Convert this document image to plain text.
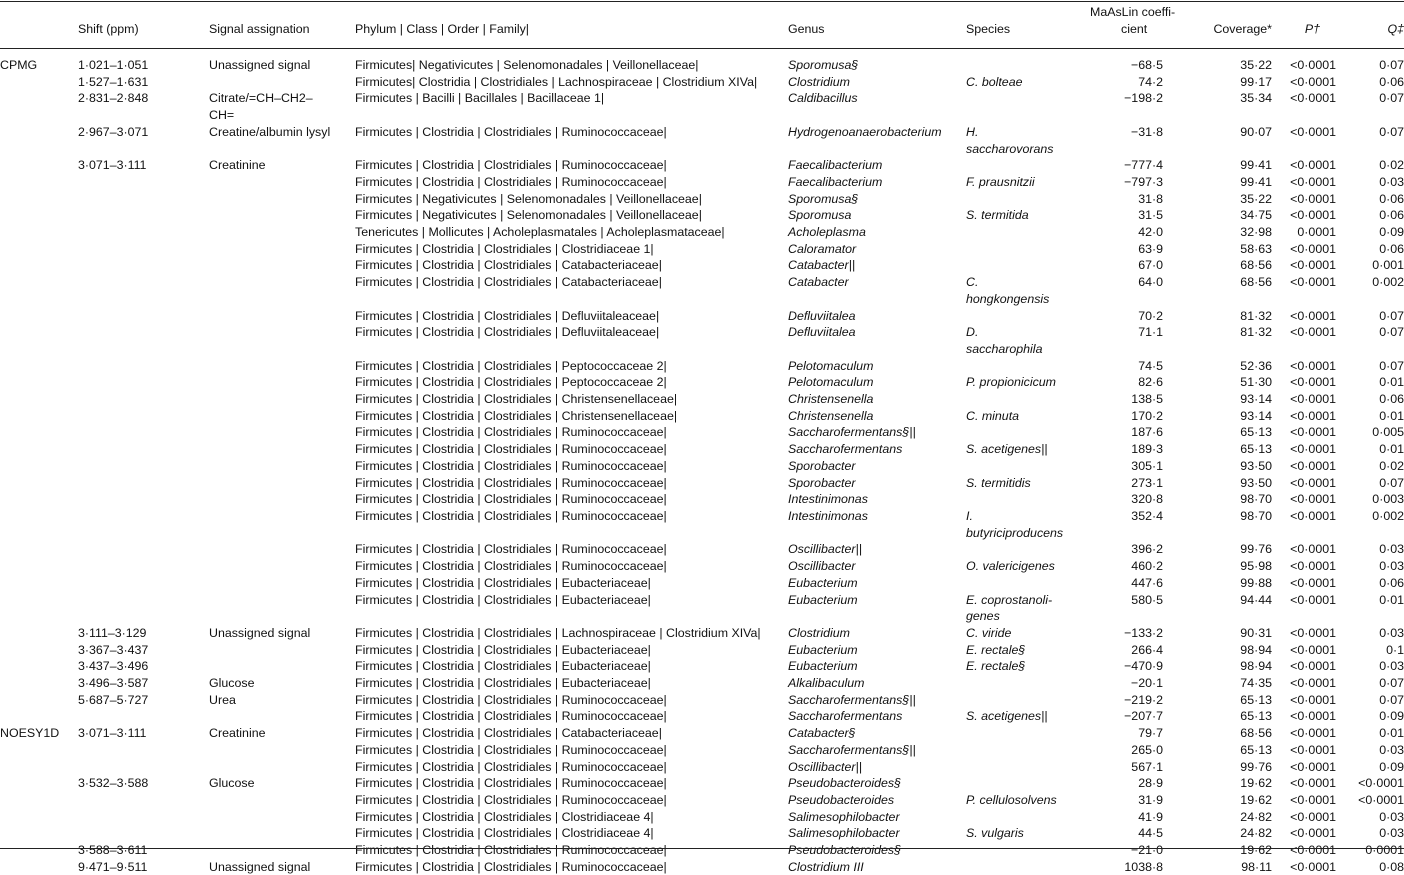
						MaAsLin coeffi-			
	Shift (ppm)	Signal assignation	Phylum | Class | Order | Family|	Genus	Species	cient	Coverage*	P†	Q‡
CPMG	1·021–1·051	Unassigned signal	Firmicutes| Negativicutes | Selenomonadales | Veillonellaceae|	Sporomusa§		−68·5	35·22	<0·0001	0·07
	1·527–1·631		Firmicutes| Clostridia | Clostridiales | Lachnospiraceae | Clostridium XIVa|	Clostridium	C. bolteae	74·2	99·17	<0·0001	0·06
	2·831–2·848	Citrate/=CH–CH2–CH=	Firmicutes | Bacilli | Bacillales | Bacillaceae 1|	Caldibacillus		−198·2	35·34	<0·0001	0·07
	2·967–3·071	Creatine/albumin lysyl	Firmicutes | Clostridia | Clostridiales | Ruminococcaceae|	Hydrogenoanaerobacterium	H. saccharovorans	−31·8	90·07	<0·0001	0·07
	3·071–3·111	Creatinine	Firmicutes | Clostridia | Clostridiales | Ruminococcaceae|	Faecalibacterium		−777·4	99·41	<0·0001	0·02
			Firmicutes | Clostridia | Clostridiales | Ruminococcaceae|	Faecalibacterium	F. prausnitzii	−797·3	99·41	<0·0001	0·03
			Firmicutes | Negativicutes | Selenomonadales | Veillonellaceae|	Sporomusa§		31·8	35·22	<0·0001	0·06
			Firmicutes | Negativicutes | Selenomonadales | Veillonellaceae|	Sporomusa	S. termitida	31·5	34·75	<0·0001	0·06
			Tenericutes | Mollicutes | Acholeplasmatales | Acholeplasmataceae|	Acholeplasma		42·0	32·98	0·0001	0·09
			Firmicutes | Clostridia | Clostridiales | Clostridiaceae 1|	Caloramator		63·9	58·63	<0·0001	0·06
			Firmicutes | Clostridia | Clostridiales | Catabacteriaceae|	Catabacter||		67·0	68·56	<0·0001	0·001
			Firmicutes | Clostridia | Clostridiales | Catabacteriaceae|	Catabacter	C. hongkongensis	64·0	68·56	<0·0001	0·002
			Firmicutes | Clostridia | Clostridiales | Defluviitaleaceae|	Defluviitalea		70·2	81·32	<0·0001	0·07
			Firmicutes | Clostridia | Clostridiales | Defluviitaleaceae|	Defluviitalea	D. saccharophila	71·1	81·32	<0·0001	0·07
			Firmicutes | Clostridia | Clostridiales | Peptococcaceae 2|	Pelotomaculum		74·5	52·36	<0·0001	0·07
			Firmicutes | Clostridia | Clostridiales | Peptococcaceae 2|	Pelotomaculum	P. propionicicum	82·6	51·30	<0·0001	0·01
			Firmicutes | Clostridia | Clostridiales | Christensenellaceae|	Christensenella		138·5	93·14	<0·0001	0·06
			Firmicutes | Clostridia | Clostridiales | Christensenellaceae|	Christensenella	C. minuta	170·2	93·14	<0·0001	0·01
			Firmicutes | Clostridia | Clostridiales | Ruminococcaceae|	Saccharofermentans§||		187·6	65·13	<0·0001	0·005
			Firmicutes | Clostridia | Clostridiales | Ruminococcaceae|	Saccharofermentans	S. acetigenes||	189·3	65·13	<0·0001	0·01
			Firmicutes | Clostridia | Clostridiales | Ruminococcaceae|	Sporobacter		305·1	93·50	<0·0001	0·02
			Firmicutes | Clostridia | Clostridiales | Ruminococcaceae|	Sporobacter	S. termitidis	273·1	93·50	<0·0001	0·07
			Firmicutes | Clostridia | Clostridiales | Ruminococcaceae|	Intestinimonas		320·8	98·70	<0·0001	0·003
			Firmicutes | Clostridia | Clostridiales | Ruminococcaceae|	Intestinimonas	I. butyriciproducens	352·4	98·70	<0·0001	0·002
			Firmicutes | Clostridia | Clostridiales | Ruminococcaceae|	Oscillibacter||		396·2	99·76	<0·0001	0·03
			Firmicutes | Clostridia | Clostridiales | Ruminococcaceae|	Oscillibacter	O. valericigenes	460·2	95·98	<0·0001	0·03
			Firmicutes | Clostridia | Clostridiales | Eubacteriaceae|	Eubacterium		447·6	99·88	<0·0001	0·06
			Firmicutes | Clostridia | Clostridiales | Eubacteriaceae|	Eubacterium	E. coprostanoli-genes	580·5	94·44	<0·0001	0·01
	3·111–3·129	Unassigned signal	Firmicutes | Clostridia | Clostridiales | Lachnospiraceae | Clostridium XIVa|	Clostridium	C. viride	−133·2	90·31	<0·0001	0·03
	3·367–3·437		Firmicutes | Clostridia | Clostridiales | Eubacteriaceae|	Eubacterium	E. rectale§	266·4	98·94	<0·0001	0·1
	3·437–3·496		Firmicutes | Clostridia | Clostridiales | Eubacteriaceae|	Eubacterium	E. rectale§	−470·9	98·94	<0·0001	0·03
	3·496–3·587	Glucose	Firmicutes | Clostridia | Clostridiales | Eubacteriaceae|	Alkalibaculum		−20·1	74·35	<0·0001	0·07
	5·687–5·727	Urea	Firmicutes | Clostridia | Clostridiales | Ruminococcaceae|	Saccharofermentans§||		−219·2	65·13	<0·0001	0·07
			Firmicutes | Clostridia | Clostridiales | Ruminococcaceae|	Saccharofermentans	S. acetigenes||	−207·7	65·13	<0·0001	0·09
NOESY1D	3·071–3·111	Creatinine	Firmicutes | Clostridia | Clostridiales | Catabacteriaceae|	Catabacter§		79·7	68·56	<0·0001	0·01
			Firmicutes | Clostridia | Clostridiales | Ruminococcaceae|	Saccharofermentans§||		265·0	65·13	<0·0001	0·03
			Firmicutes | Clostridia | Clostridiales | Ruminococcaceae|	Oscillibacter||		567·1	99·76	<0·0001	0·09
	3·532–3·588	Glucose	Firmicutes | Clostridia | Clostridiales | Ruminococcaceae|	Pseudobacteroides§		28·9	19·62	<0·0001	<0·0001
			Firmicutes | Clostridia | Clostridiales | Ruminococcaceae|	Pseudobacteroides	P. cellulosolvens	31·9	19·62	<0·0001	<0·0001
			Firmicutes | Clostridia | Clostridiales | Clostridiaceae 4|	Salimesophilobacter		41·9	24·82	<0·0001	0·03
			Firmicutes | Clostridia | Clostridiales | Clostridiaceae 4|	Salimesophilobacter	S. vulgaris	44·5	24·82	<0·0001	0·03
	3·588–3·611		Firmicutes | Clostridia | Clostridiales | Ruminococcaceae|	Pseudobacteroides§		−21·0	19·62	<0·0001	0·0001
	9·471–9·511	Unassigned signal	Firmicutes | Clostridia | Clostridiales | Ruminococcaceae|	Clostridium III		1038·8	98·11	<0·0001	0·08
